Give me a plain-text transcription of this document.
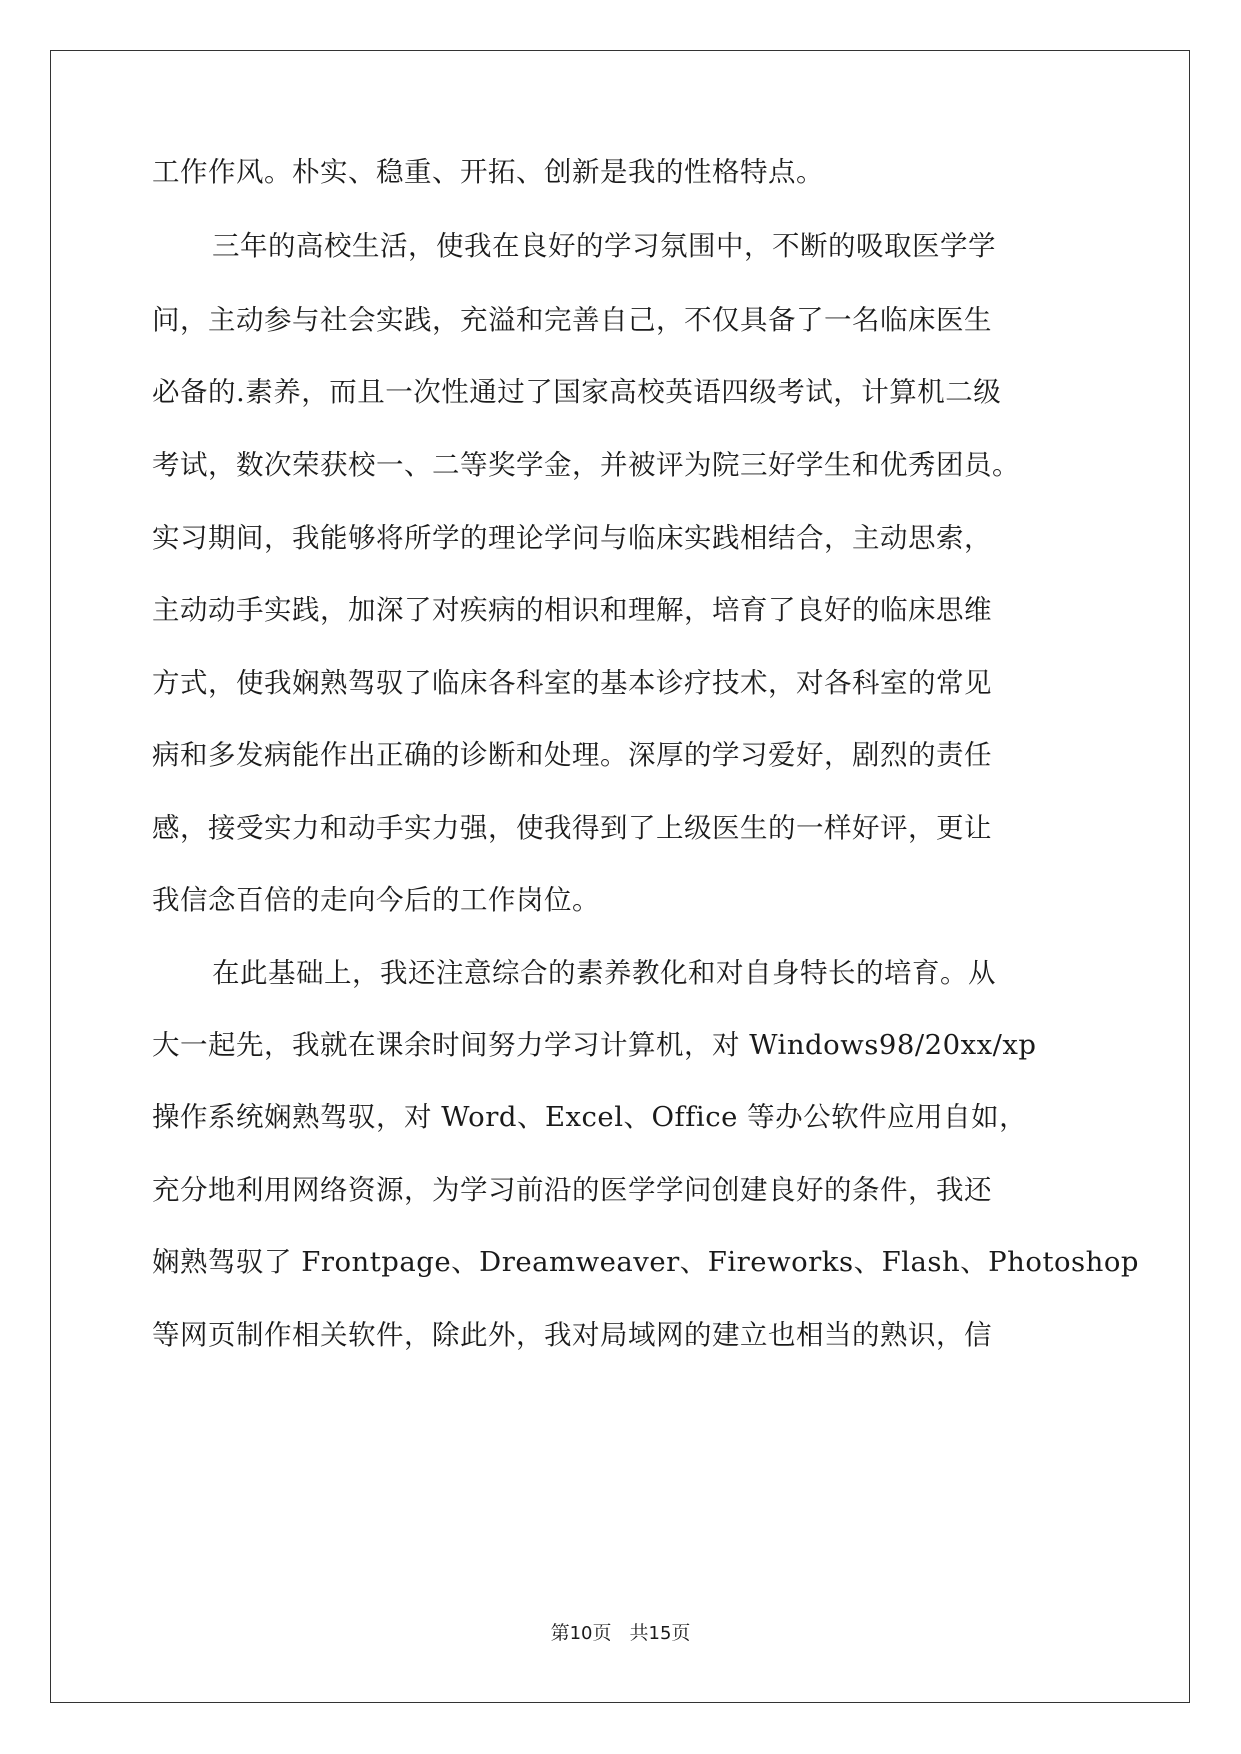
工作作风。朴实、稳重、开拓、创新是我的性格特点。
三年的高校生活，使我在良好的学习氛围中，不断的吸取医学学
问，主动参与社会实践，充溢和完善自己，不仅具备了一名临床医生
必备的.素养，而且一次性通过了国家高校英语四级考试，计算机二级
考试，数次荣获校一、二等奖学金，并被评为院三好学生和优秀团员。
实习期间，我能够将所学的理论学问与临床实践相结合，主动思索，
主动动手实践，加深了对疾病的相识和理解，培育了良好的临床思维
方式，使我娴熟驾驭了临床各科室的基本诊疗技术，对各科室的常见
病和多发病能作出正确的诊断和处理。深厚的学习爱好，剧烈的责任
感，接受实力和动手实力强，使我得到了上级医生的一样好评，更让
我信念百倍的走向今后的工作岗位。
在此基础上，我还注意综合的素养教化和对自身特长的培育。从
大一起先，我就在课余时间努力学习计算机，对 Windows98/20xx/xp
操作系统娴熟驾驭，对 Word、Excel、Office 等办公软件应用自如，
充分地利用网络资源，为学习前沿的医学学问创建良好的条件，我还
娴熟驾驭了 Frontpage、Dreamweaver、Fireworks、Flash、Photoshop
等网页制作相关软件，除此外，我对局域网的建立也相当的熟识，信
第10页 共15页
